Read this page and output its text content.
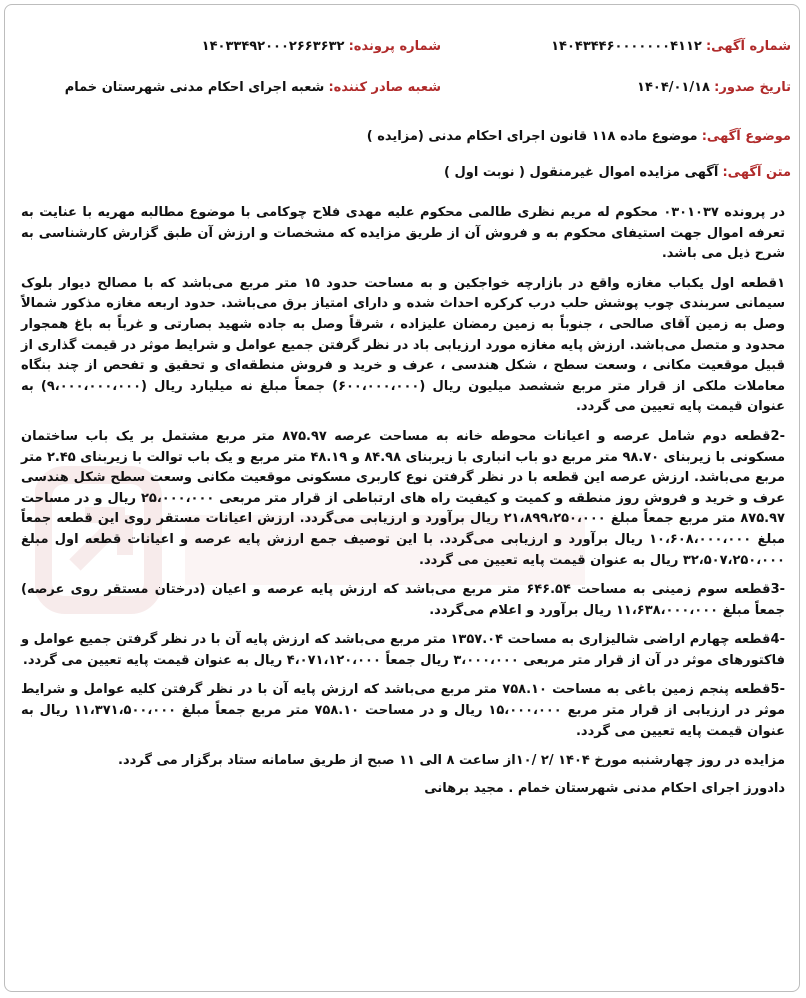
شماره آگهی: ۱۴۰۴۳۴۴۶۰۰۰۰۰۰۰۴۱۱۲
شماره پرونده: ۱۴۰۳۳۴۹۲۰۰۰۲۶۶۳۶۳۲
تاریخ صدور: ۱۴۰۴/۰۱/۱۸
شعبه صادر کننده: شعبه اجرای احکام مدنی شهرستان خمام
موضوع آگهی: موضوع ماده ۱۱۸ قانون اجرای احکام مدنی (مزایده )
متن آگهی: آگهی مزایده اموال غیرمنقول ( نوبت اول )

در پرونده ۰۳۰۱۰۳۷ محکوم له مریم نظری طالمی محکوم علیه مهدی فلاح چوکامی با موضوع مطالبه مهریه با عنایت به تعرفه اموال جهت استیفای محکوم به و فروش آن از طریق مزایده که مشخصات و ارزش آن طبق گزارش کارشناسی به شرح ذیل می باشد.

۱قطعه اول یکباب مغازه واقع در بازارچه خواجکین و به مساحت حدود ۱۵ متر مربع می‌باشد که با مصالح دیوار بلوک سیمانی سربندی چوب پوشش حلب درب کرکره احداث شده و دارای امتیاز برق می‌باشد. حدود اربعه مغازه مذکور شمالاً وصل به زمین آقای صالحی ، جنوباً به زمین رمضان علیزاده ، شرقاً وصل به جاده شهید بصارتی و غرباً به باغ همجوار محدود و متصل می‌باشد. ارزش پایه مغازه مورد ارزیابی باد در نظر گرفتن جمیع عوامل و شرایط موثر در قیمت گذاری از قبیل موقعیت مکانی ، وسعت سطح ، شکل هندسی ، عرف و خرید و فروش منطقه‌ای و تحقیق و تفحص از چند بنگاه معاملات ملکی از قرار متر مربع ششصد میلیون ریال (۶۰۰،۰۰۰،۰۰۰) جمعاً مبلغ نه میلیارد ریال (۹،۰۰۰،۰۰۰،۰۰۰) به عنوان قیمت پایه تعیین می گردد.

-2قطعه دوم شامل عرصه و اعیانات محوطه خانه به مساحت عرصه ۸۷۵.۹۷ متر مربع مشتمل بر یک باب ساختمان مسکونی با زیربنای ۹۸.۷۰ متر مربع دو باب انباری با زیربنای ۸۴.۹۸ و ۴۸.۱۹ متر مربع و یک باب توالت با زیربنای ۲.۴۵ متر مربع می‌باشد. ارزش عرصه این قطعه با در نظر گرفتن نوع کاربری مسکونی موقعیت مکانی وسعت سطح شکل هندسی عرف و خرید و فروش روز منطقه و کمیت و کیفیت راه های ارتباطی از قرار متر مربعی ۲۵،۰۰۰،۰۰۰ ریال و در مساحت ۸۷۵.۹۷ متر مربع جمعاً مبلغ ۲۱،۸۹۹،۲۵۰،۰۰۰ ریال برآورد و ارزیابی می‌گردد. ارزش اعیانات مستقر روی این قطعه جمعاً مبلغ ۱۰،۶۰۸،۰۰۰،۰۰۰ ریال برآورد و ارزیابی می‌گردد. با این توصیف جمع ارزش پایه عرصه و اعیانات قطعه اول مبلغ ۳۲،۵۰۷،۲۵۰،۰۰۰ ریال به عنوان قیمت پایه تعیین می گردد.

-3قطعه سوم زمینی به مساحت ۶۴۶.۵۴ متر مربع می‌باشد که ارزش پایه عرصه و اعیان (درختان مستقر روی عرصه) جمعاً مبلغ ۱۱،۶۳۸،۰۰۰،۰۰۰ ریال برآورد و اعلام می‌گردد.

-4قطعه چهارم اراضی شالیزاری به مساحت ۱۳۵۷.۰۴ متر مربع می‌باشد که ارزش پایه آن با در نظر گرفتن جمیع عوامل و فاکتورهای موثر در آن از قرار متر مربعی ۳،۰۰۰،۰۰۰ ریال جمعاً ۴،۰۷۱،۱۲۰،۰۰۰ ریال به عنوان قیمت پایه تعیین می گردد.

-5قطعه پنجم زمین باغی به مساحت ۷۵۸.۱۰ متر مربع می‌باشد که ارزش پایه آن با در نظر گرفتن کلیه عوامل و شرایط موثر در ارزیابی از قرار متر مربع ۱۵،۰۰۰،۰۰۰ ریال و در مساحت ۷۵۸.۱۰ متر مربع جمعاً مبلغ ۱۱،۳۷۱،۵۰۰،۰۰۰ ریال به عنوان قیمت پایه تعیین می گردد.

مزایده در روز چهارشنبه مورخ ۱۴۰۴ /۲ /۱۰از ساعت ۸ الی ۱۱ صبح از طریق سامانه ستاد برگزار می گردد.

دادورز اجرای احکام مدنی شهرستان خمام . مجید برهانی
